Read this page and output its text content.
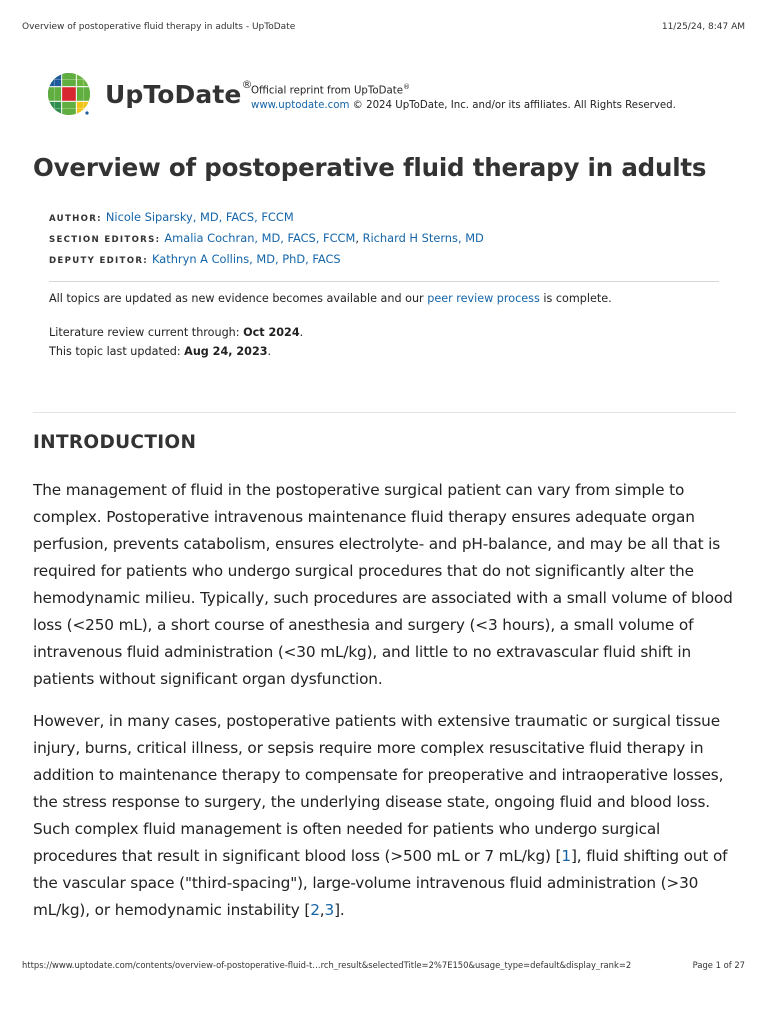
Overview of postoperative fluid therapy in adults - UpToDate	11/25/24, 8:47 AM
UpToDate®
Official reprint from UpToDate®
www.uptodate.com © 2024 UpToDate, Inc. and/or its affiliates. All Rights Reserved.
Overview of postoperative fluid therapy in adults
AUTHOR: Nicole Siparsky, MD, FACS, FCCM
SECTION EDITORS: Amalia Cochran, MD, FACS, FCCM, Richard H Sterns, MD
DEPUTY EDITOR: Kathryn A Collins, MD, PhD, FACS
All topics are updated as new evidence becomes available and our peer review process is complete.
Literature review current through: Oct 2024.
This topic last updated: Aug 24, 2023.
INTRODUCTION

The management of fluid in the postoperative surgical patient can vary from simple to complex. Postoperative intravenous maintenance fluid therapy ensures adequate organ perfusion, prevents catabolism, ensures electrolyte- and pH-balance, and may be all that is required for patients who undergo surgical procedures that do not significantly alter the hemodynamic milieu. Typically, such procedures are associated with a small volume of blood loss (<250 mL), a short course of anesthesia and surgery (<3 hours), a small volume of intravenous fluid administration (<30 mL/kg), and little to no extravascular fluid shift in patients without significant organ dysfunction.

However, in many cases, postoperative patients with extensive traumatic or surgical tissue injury, burns, critical illness, or sepsis require more complex resuscitative fluid therapy in addition to maintenance therapy to compensate for preoperative and intraoperative losses, the stress response to surgery, the underlying disease state, ongoing fluid and blood loss. Such complex fluid management is often needed for patients who undergo surgical procedures that result in significant blood loss (>500 mL or 7 mL/kg) [1], fluid shifting out of the vascular space ("third-spacing"), large-volume intravenous fluid administration (>30 mL/kg), or hemodynamic instability [2,3].

https://www.uptodate.com/contents/overview-of-postoperative-fluid-t…rch_result&selectedTitle=2%7E150&usage_type=default&display_rank=2	Page 1 of 27
